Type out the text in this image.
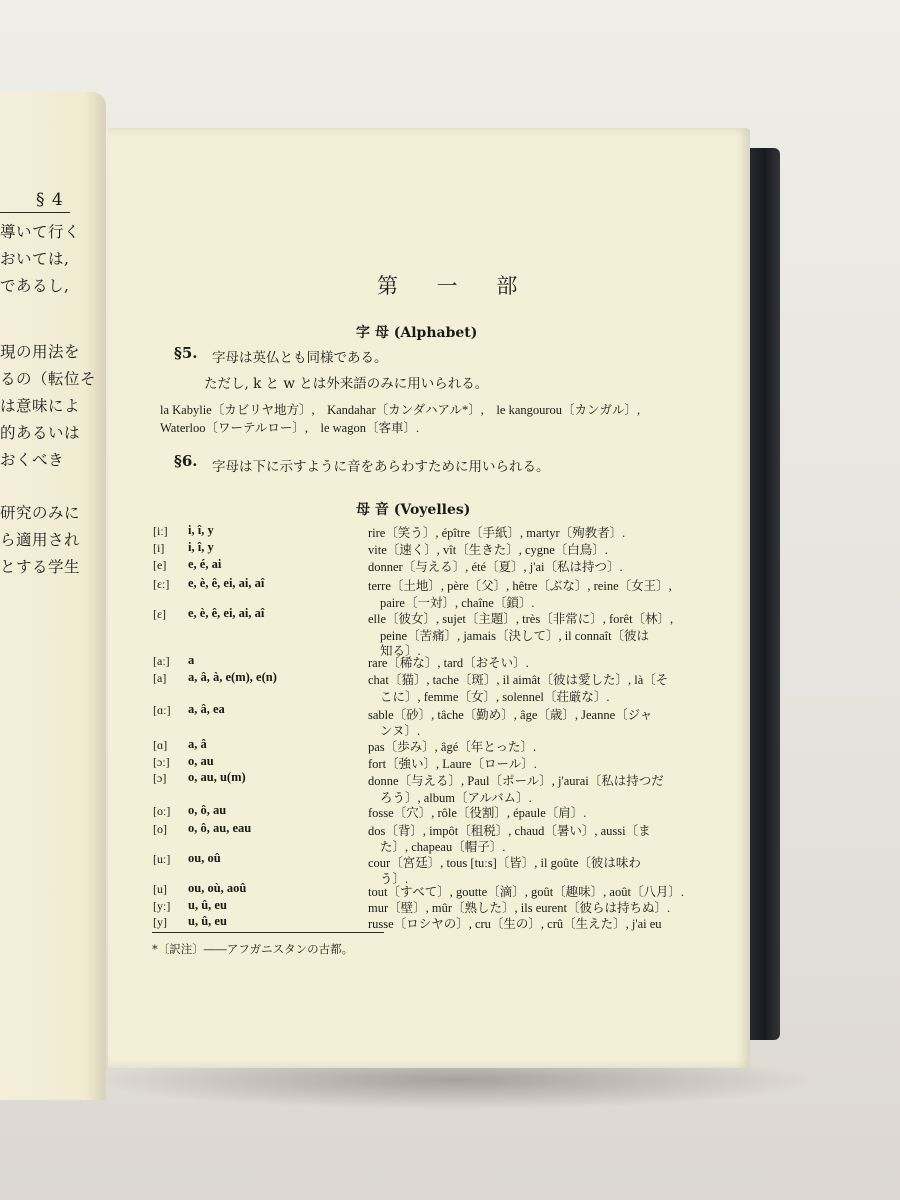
§ 4
導いて行く
おいては,
であるし,
現の用法を
るの（転位そ
は意味によ
的あるいは
おくべき
研究のみに
ら適用され
とする学生
第 一 部
字 母 (Alphabet)
§5. 字母は英仏とも同様である。
ただし, k と w とは外来語のみに用いられる。
la Kabylie〔カビリヤ地方〕,　Kandahar〔カンダハアル*〕,　le kangourou〔カンガル〕,
Waterloo〔ワーテルロー〕,　le wagon〔客車〕.
§6. 字母は下に示すように音をあらわすために用いられる。
母 音 (Voyelles)
[iː] i, î, y	rire〔笑う〕, épître〔手紙〕, martyr〔殉教者〕.
[i] i, î, y	vite〔速く〕, vît〔生きた〕, cygne〔白鳥〕.
[e] e, é, ai	donner〔与える〕, été〔夏〕, j'ai〔私は持つ〕.
[ɛː] e, è, ê, ei, ai, aî	terre〔土地〕, père〔父〕, hêtre〔ぶな〕, reine〔女王〕,
paire〔一対〕, chaîne〔鎖〕.
[ɛ] e, è, ê, ei, ai, aî	elle〔彼女〕, sujet〔主題〕, très〔非常に〕, forêt〔林〕,
peine〔苦痛〕, jamais〔決して〕, il connaît〔彼は
知る〕.
[aː] a	rare〔稀な〕, tard〔おそい〕.
[a] a, â, à, e(m), e(n)	chat〔猫〕, tache〔斑〕, il aimât〔彼は愛した〕, là〔そ
こに〕, femme〔女〕, solennel〔荘厳な〕.
[ɑː] a, â, ea	sable〔砂〕, tâche〔勤め〕, âge〔歳〕, Jeanne〔ジャ
ンヌ〕.
[ɑ] a, â	pas〔歩み〕, âgé〔年とった〕.
[ɔː] o, au	fort〔強い〕, Laure〔ロール〕.
[ɔ] o, au, u(m)	donne〔与える〕, Paul〔ポール〕, j'aurai〔私は持つだ
ろう〕, album〔アルバム〕.
[oː] o, ô, au	fosse〔穴〕, rôle〔役割〕, épaule〔肩〕.
[o] o, ô, au, eau	dos〔背〕, impôt〔租税〕, chaud〔暑い〕, aussi〔ま
た〕, chapeau〔帽子〕.
[uː] ou, oû	cour〔宮廷〕, tous [tuːs]〔皆〕, il goûte〔彼は味わ
う〕.
[u] ou, où, aoû	tout〔すべて〕, goutte〔滴〕, goût〔趣味〕, août〔八月〕.
[yː] u, û, eu	mur〔壁〕, mûr〔熟した〕, ils eurent〔彼らは持ちぬ〕.
[y] u, û, eu	russe〔ロシヤの〕, cru〔生の〕, crû〔生えた〕, j'ai eu
*〔訳注〕――アフガニスタンの古都。
